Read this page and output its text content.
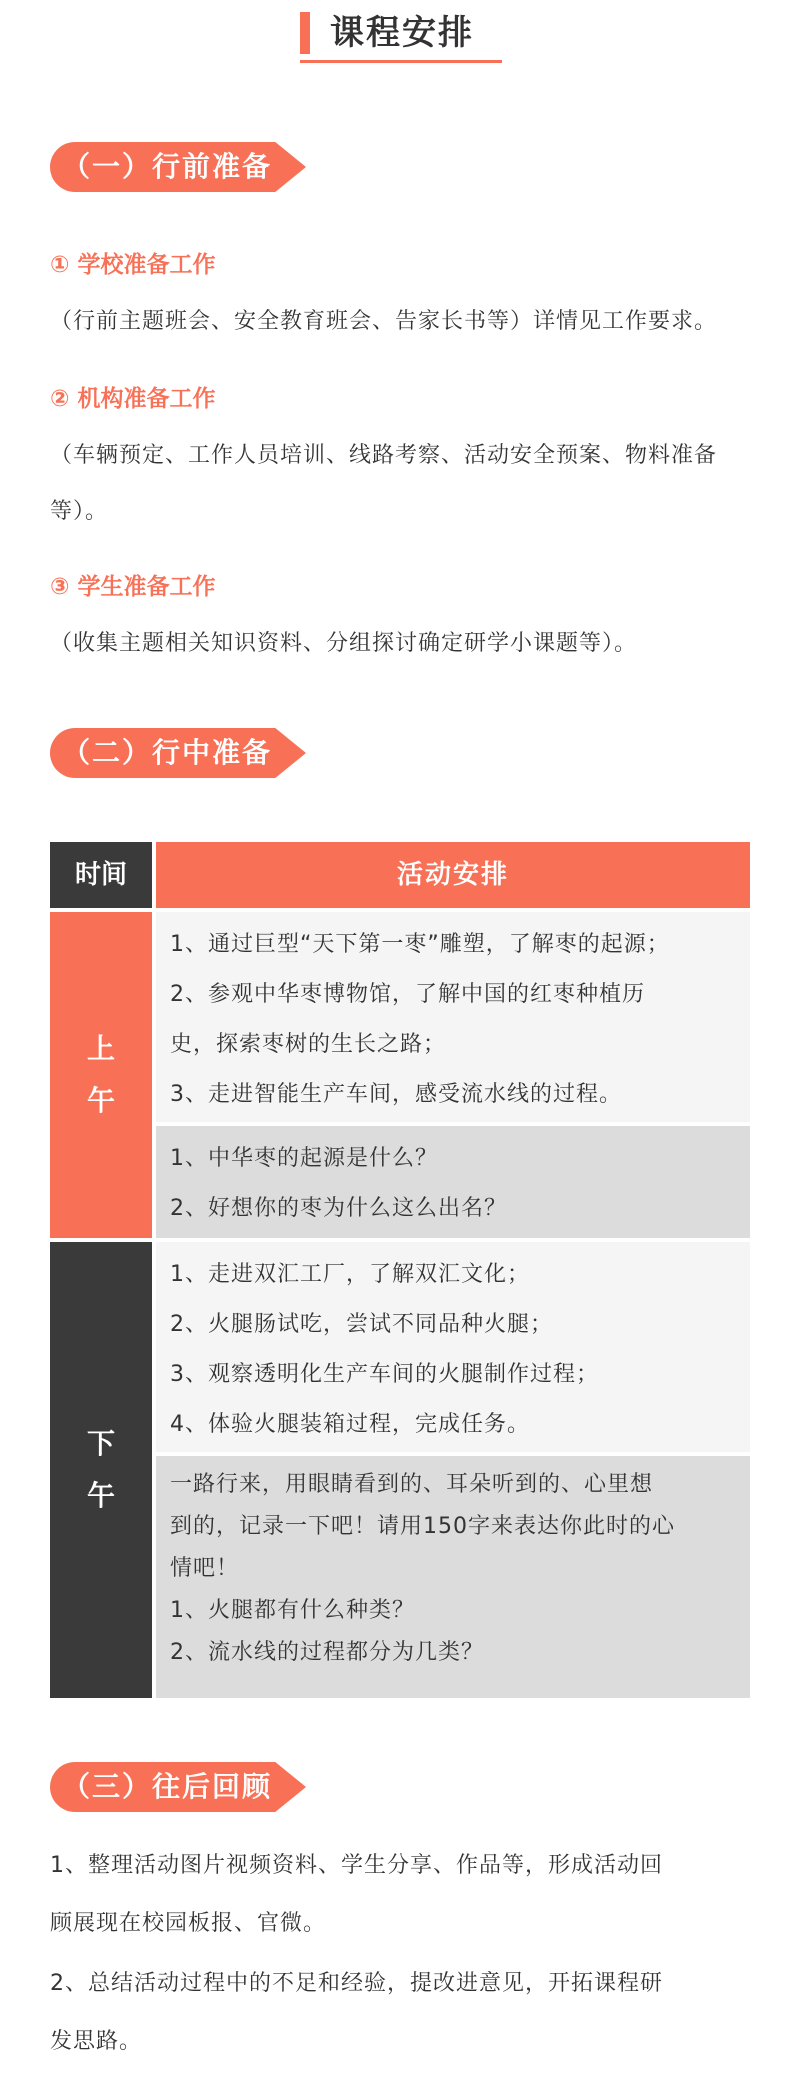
课程安排
（一）行前准备
① 学校准备工作
（行前主题班会、安全教育班会、告家长书等）详情见工作要求。
② 机构准备工作
（车辆预定、工作人员培训、线路考察、活动安全预案、物料准备
等）。
③ 学生准备工作
（收集主题相关知识资料、分组探讨确定研学小课题等）。
（二）行中准备
时间	活动安排
上午
1、通过巨型“天下第一枣”雕塑，了解枣的起源；
2、参观中华枣博物馆，了解中国的红枣种植历
史，探索枣树的生长之路；
3、走进智能生产车间，感受流水线的过程。
1、中华枣的起源是什么？
2、好想你的枣为什么这么出名？
下午
1、走进双汇工厂，了解双汇文化；
2、火腿肠试吃，尝试不同品种火腿；
3、观察透明化生产车间的火腿制作过程；
4、体验火腿装箱过程，完成任务。
一路行来，用眼睛看到的、耳朵听到的、心里想
到的，记录一下吧！请用150字来表达你此时的心
情吧！
1、火腿都有什么种类？
2、流水线的过程都分为几类？
（三）往后回顾
1、整理活动图片视频资料、学生分享、作品等，形成活动回
顾展现在校园板报、官微。
2、总结活动过程中的不足和经验，提改进意见，开拓课程研
发思路。
